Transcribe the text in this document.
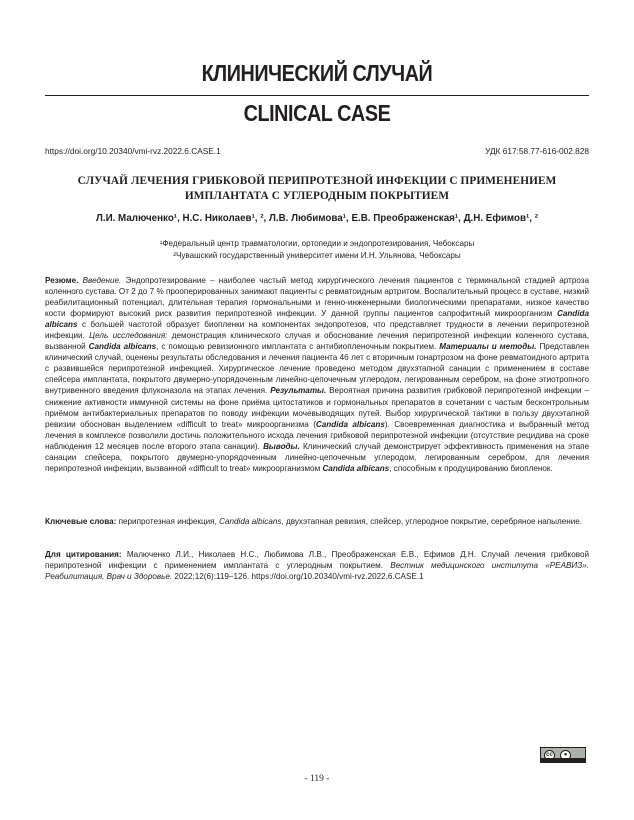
КЛИНИЧЕСКИЙ СЛУЧАЙ
CLINICAL CASE
https://doi.org/10.20340/vmi-rvz.2022.6.CASE.1	УДК 617:58.77-616-002.828
СЛУЧАЙ ЛЕЧЕНИЯ ГРИБКОВОЙ ПЕРИПРОТЕЗНОЙ ИНФЕКЦИИ С ПРИМЕНЕНИЕМ ИМПЛАНТАТА С УГЛЕРОДНЫМ ПОКРЫТИЕМ
Л.И. Малюченко¹, Н.С. Николаев¹, ², Л.В. Любимова¹, Е.В. Преображенская¹, Д.Н. Ефимов¹, ²
¹Федеральный центр травматологии, ортопедии и эндопротезирования, Чебоксары
²Чувашский государственный университет имени И.Н. Ульянова, Чебоксары
Резюме. Введение. Эндопротезирование – наиболее частый метод хирургического лечения пациентов с терминальной стадией артроза коленного сустава. От 2 до 7 % прооперированных занимают пациенты с ревматоидным артритом. Воспалительный процесс в суставе, низкий реабилитационный потенциал, длительная терапия гормональными и генно-инженерными биологическими препаратами, низкое качество кости формируют высокий риск развития перипротезной инфекции. У данной группы пациентов сапрофитный микроорганизм Candida albicans с большей частотой образует биопленки на компонентах эндопротезов, что представляет трудности в лечении перипротезной инфекции. Цель исследования: демонстрация клинического случая и обоснование лечения перипротезной инфекции коленного сустава, вызванной Candida albicans, с помощью ревизионного имплантата с антибиопленочным покрытием. Материалы и методы. Представлен клинический случай, оценены результаты обследования и лечения пациента 46 лет с вторичным гонартрозом на фоне ревматоидного артрита с развившейся перипротезной инфекцией. Хирургическое лечение проведено методом двухэтапной санации с применением в составе спейсера имплантата, покрытого двумерно-упорядоченным линейно-цепочечным углеродом, легированным серебром, на фоне этиотропного внутривенного введения флуконазола на этапах лечения. Результаты. Вероятная причина развития грибковой перипротезной инфекции – снижение активности иммунной системы на фоне приёма цитостатиков и гормональных препаратов в сочетании с частым бесконтрольным приёмом антибактериальных препаратов по поводу инфекции мочевыводящих путей. Выбор хирургической тактики в пользу двухэтапной ревизии обоснован выделением «difficult to treat» микроорганизма (Candida albicans). Своевременная диагностика и выбранный метод лечения в комплексе позволили достичь положительного исхода лечения грибковой перипротезной инфекции (отсутствие рецидива на сроке наблюдения 12 месяцев после второго этапа санации). Выводы. Клинический случай демонстрирует эффективность применения на этапе санации спейсера, покрытого двумерно-упорядоченным линейно-цепочечным углеродом, легированным серебром, для лечения перипротезной инфекции, вызванной «difficult to treat» микроорганизмом Candida albicans, способным к продуцированию биопленок.
Ключевые слова: перипротезная инфекция, Candida albicans, двухэтапная ревизия, спейсер, углеродное покрытие, серебряное напыление.
Для цитирования: Малюченко Л.И., Николаев Н.С., Любимова Л.В., Преображенская Е.В., Ефимов Д.Н. Случай лечения грибковой перипротезной инфекции с применением имплантата с углеродным покрытием. Вестник медицинского института «РЕАВИЗ». Реабилитация, Врач и Здоровье. 2022;12(6):119–126. https://doi.org/10.20340/vmi-rvz.2022.6.CASE.1
cc	●
- 119 -
